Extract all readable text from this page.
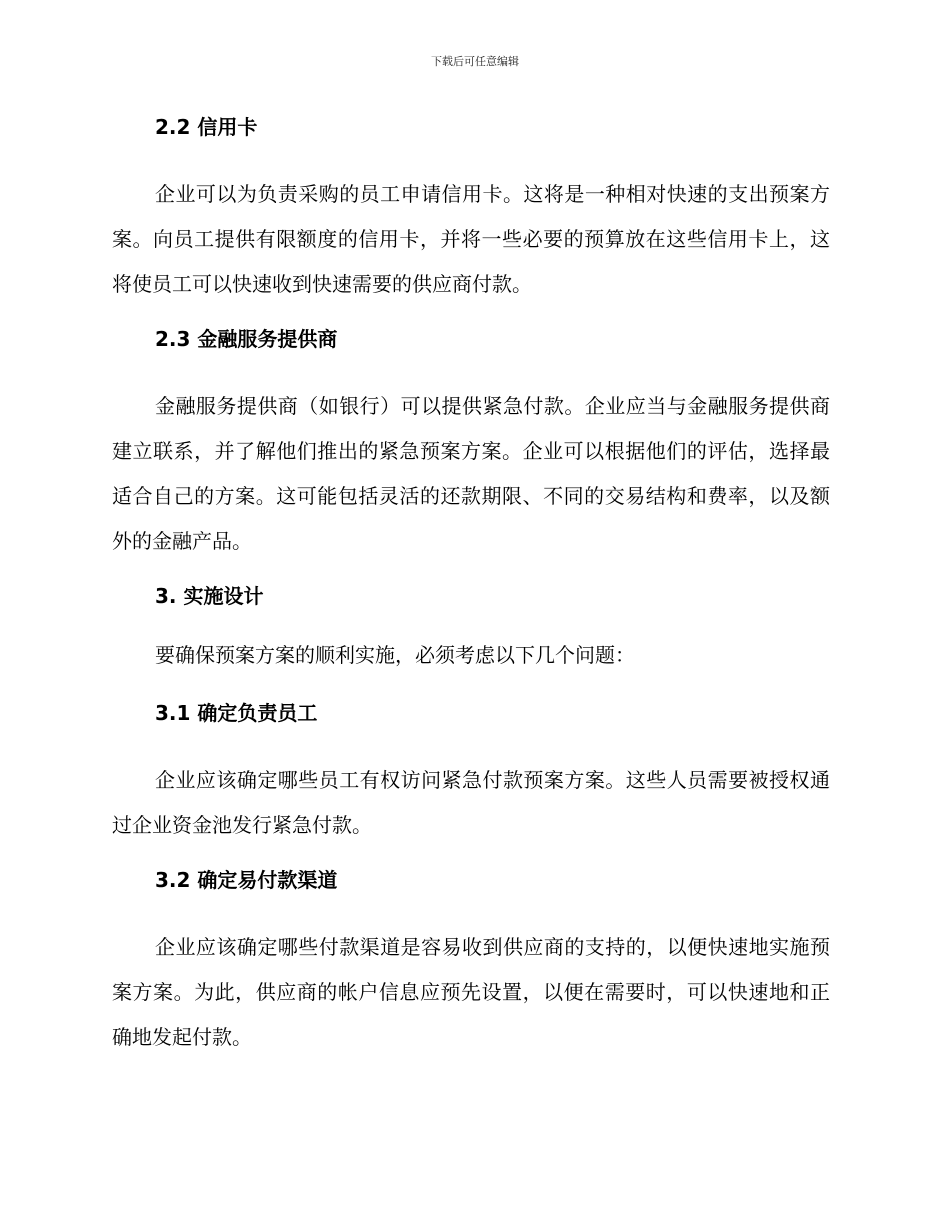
下载后可任意编辑
2.2 信用卡

企业可以为负责采购的员工申请信用卡。这将是一种相对快速的支出预案方案。向员工提供有限额度的信用卡，并将一些必要的预算放在这些信用卡上，这将使员工可以快速收到快速需要的供应商付款。

2.3 金融服务提供商

金融服务提供商（如银行）可以提供紧急付款。企业应当与金融服务提供商建立联系，并了解他们推出的紧急预案方案。企业可以根据他们的评估，选择最适合自己的方案。这可能包括灵活的还款期限、不同的交易结构和费率，以及额外的金融产品。

3. 实施设计
要确保预案方案的顺利实施，必须考虑以下几个问题：
3.1 确定负责员工

企业应该确定哪些员工有权访问紧急付款预案方案。这些人员需要被授权通过企业资金池发行紧急付款。

3.2 确定易付款渠道

企业应该确定哪些付款渠道是容易收到供应商的支持的，以便快速地实施预案方案。为此，供应商的帐户信息应预先设置，以便在需要时，可以快速地和正确地发起付款。
